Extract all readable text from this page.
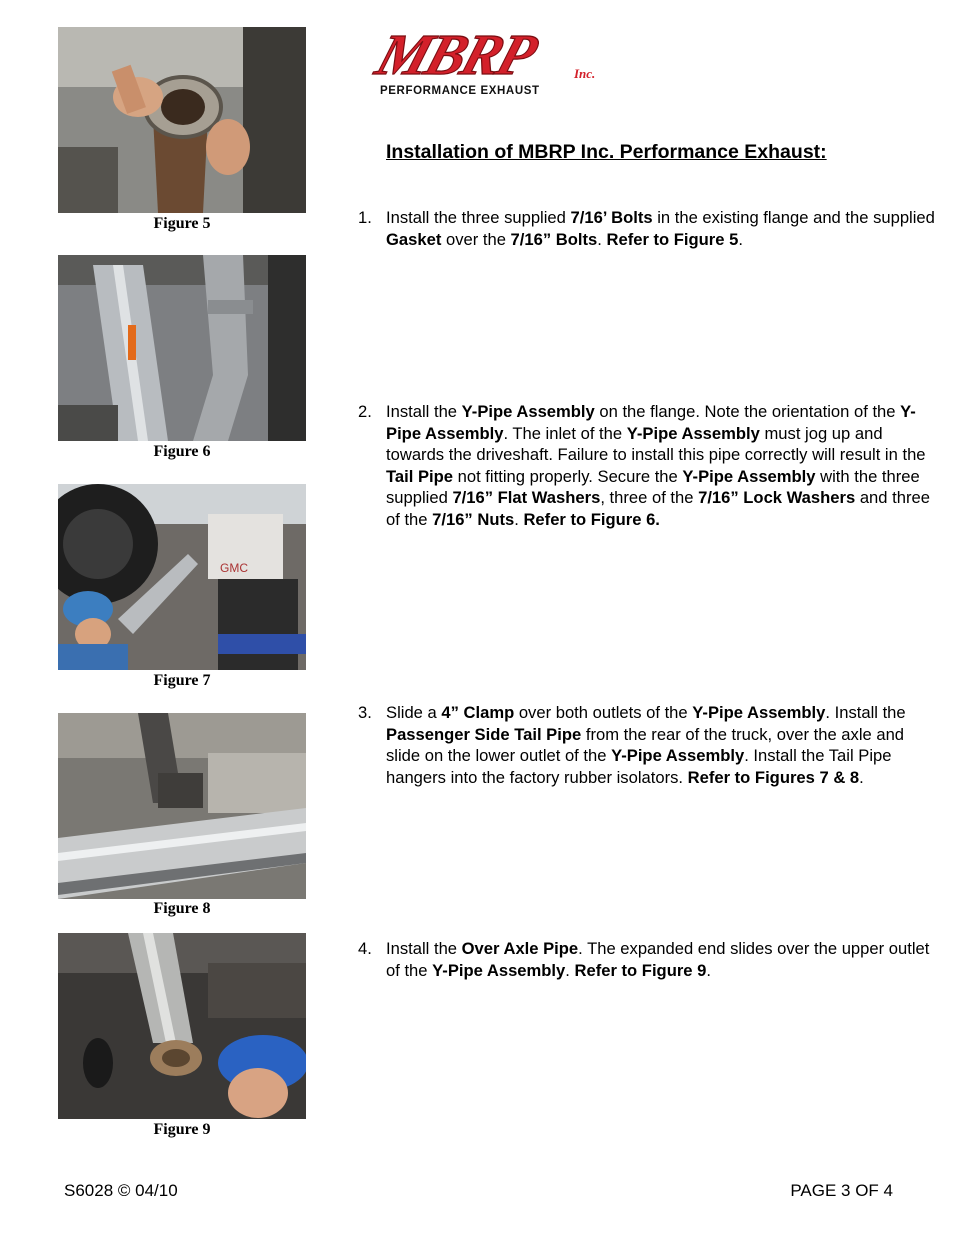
MBRP Inc.
PERFORMANCE EXHAUST
Installation of MBRP Inc. Performance Exhaust:
Figure 5
Figure 6
GMC
Figure 7
Figure 8
Figure 9
1. Install the three supplied 7/16’ Bolts in the existing flange and the supplied Gasket over the 7/16” Bolts. Refer to Figure 5.
2. Install the Y-Pipe Assembly on the flange. Note the orientation of the Y-Pipe Assembly. The inlet of the Y-Pipe Assembly must jog up and towards the driveshaft. Failure to install this pipe correctly will result in the Tail Pipe not fitting properly. Secure the Y-Pipe Assembly with the three supplied 7/16” Flat Washers, three of the 7/16” Lock Washers and three of the 7/16” Nuts. Refer to Figure 6.
3. Slide a 4” Clamp over both outlets of the Y-Pipe Assembly. Install the Passenger Side Tail Pipe from the rear of the truck, over the axle and slide on the lower outlet of the Y-Pipe Assembly. Install the Tail Pipe hangers into the factory rubber isolators. Refer to Figures 7 & 8.
4. Install the Over Axle Pipe. The expanded end slides over the upper outlet of the Y-Pipe Assembly. Refer to Figure 9.
S6028 © 04/10	PAGE 3 OF 4
